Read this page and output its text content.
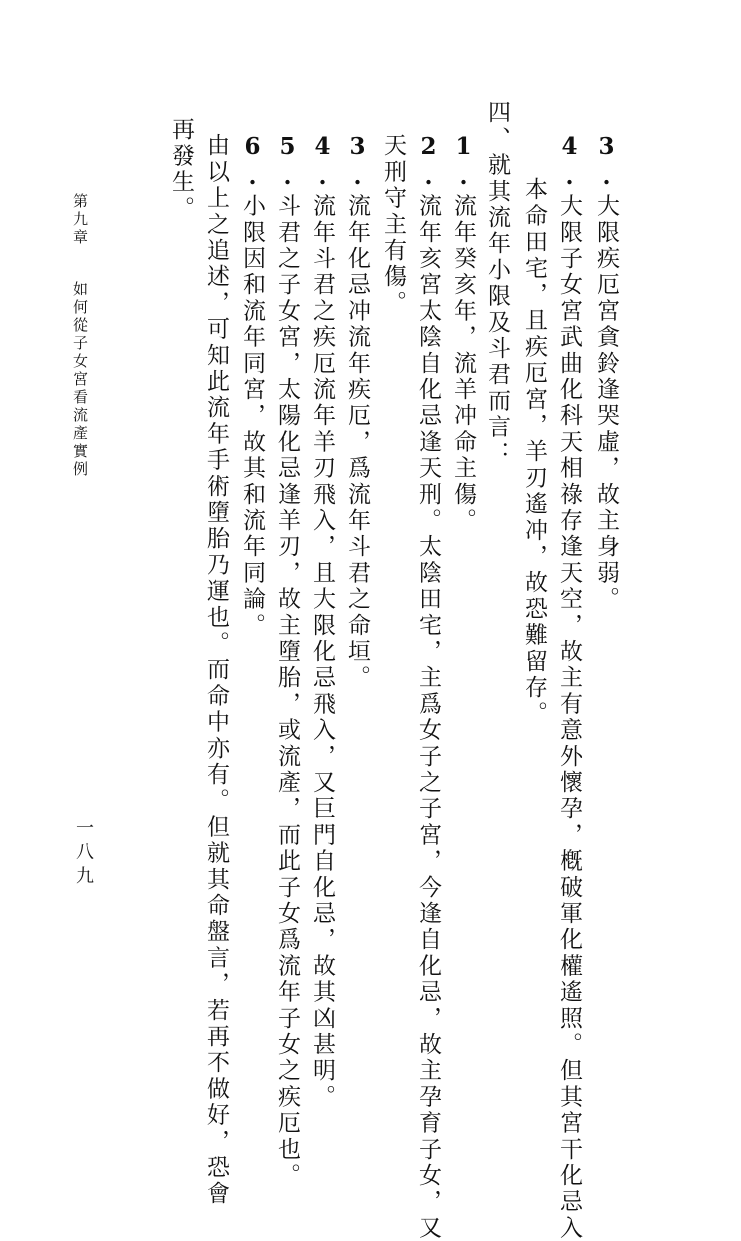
3.大限疾厄宮貪鈴逢哭虛，故主身弱。
4.大限子女宮武曲化科天相祿存逢天空，故主有意外懷孕，槪破軍化權遙照。但其宮干化忌入
本命田宅，且疾厄宮，羊刃遙冲，故恐難留存。
四、就其流年小限及斗君而言：
1.流年癸亥年，流羊冲命主傷。
2.流年亥宮太陰自化忌逢天刑。太陰田宅，主爲女子之子宮，今逢自化忌，故主孕育子女，又
天刑守主有傷。
3.流年化忌冲流年疾厄，爲流年斗君之命垣。
4.流年斗君之疾厄流年羊刃飛入，且大限化忌飛入，又巨門自化忌，故其凶甚明。
5.斗君之子女宮，太陽化忌逢羊刃，故主墮胎，或流產，而此子女爲流年子女之疾厄也。
6.小限因和流年同宮，故其和流年同論。
由以上之追述，可知此流年手術墮胎乃運也。而命中亦有。但就其命盤言，若再不做好，恐會
再發生。
第九章如何從子女宮看流產實例
一八九
